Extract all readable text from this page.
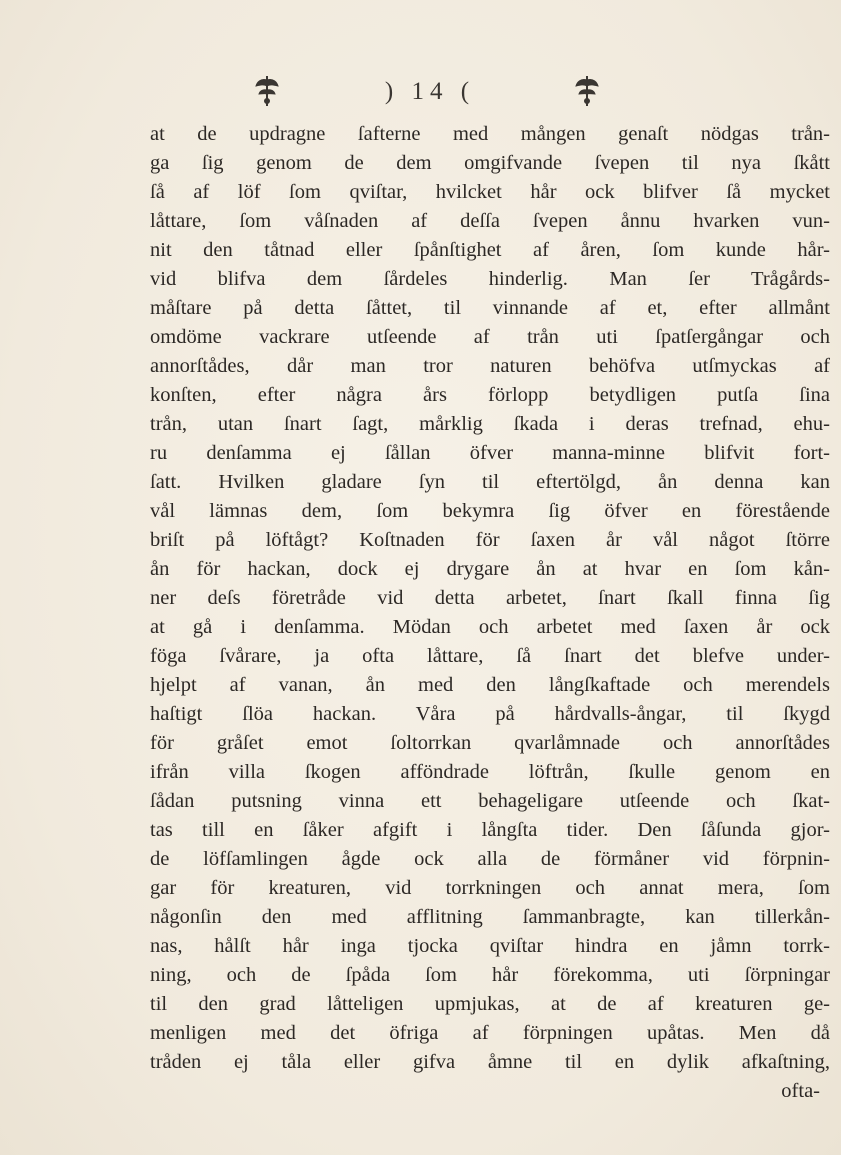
) 14 (
at de updragne ſafterne med mången genaſt nödgas trån-
ga ſig genom de dem omgifvande ſvepen til nya ſkått
ſå af löf ſom qviſtar, hvilcket hår ock blifver ſå mycket
låttare, ſom våſnaden af deſſa ſvepen ånnu hvarken vun-
nit den tåtnad eller ſpånſtighet af åren, ſom kunde hår-
vid blifva dem ſårdeles hinderlig. Man ſer Trågårds-
måſtare på detta ſåttet, til vinnande af et, efter allmånt
omdöme vackrare utſeende af trån uti ſpatſergångar och
annorſtådes, dår man tror naturen behöfva utſmyckas af
konſten, efter några års förlopp betydligen putſa ſina
trån, utan ſnart ſagt, mårklig ſkada i deras trefnad, ehu-
ru denſamma ej ſållan öfver manna-minne blifvit fort-
ſatt. Hvilken gladare ſyn til eftertölgd, ån denna kan
vål lämnas dem, ſom bekymra ſig öfver en förestående
briſt på löftågt? Koſtnaden för ſaxen år vål något ſtörre
ån för hackan, dock ej drygare ån at hvar en ſom kån-
ner deſs företråde vid detta arbetet, ſnart ſkall finna ſig
at gå i denſamma. Mödan och arbetet med ſaxen år ock
föga ſvårare, ja ofta låttare, ſå ſnart det blefve under-
hjelpt af vanan, ån med den långſkaftade och merendels
haſtigt ſlöa hackan. Våra på hårdvalls-ångar, til ſkygd
för gråſet emot ſoltorrkan qvarlåmnade och annorſtådes
ifrån villa ſkogen afföndrade löftrån, ſkulle genom en
ſådan putsning vinna ett behageligare utſeende och ſkat-
tas till en ſåker afgift i långſta tider. Den ſåſunda gjor-
de löfſamlingen ågde ock alla de förmåner vid förpnin-
gar för kreaturen, vid torrkningen och annat mera, ſom
någonſin den med afflitning ſammanbragte, kan tillerkån-
nas, hålſt hår inga tjocka qviſtar hindra en jåmn torrk-
ning, och de ſpåda ſom hår förekomma, uti ſörpningar
til den grad låtteligen upmjukas, at de af kreaturen ge-
menligen med det öfriga af förpningen upåtas. Men då
tråden ej tåla eller gifva åmne til en dylik afkaſtning,
ofta-
